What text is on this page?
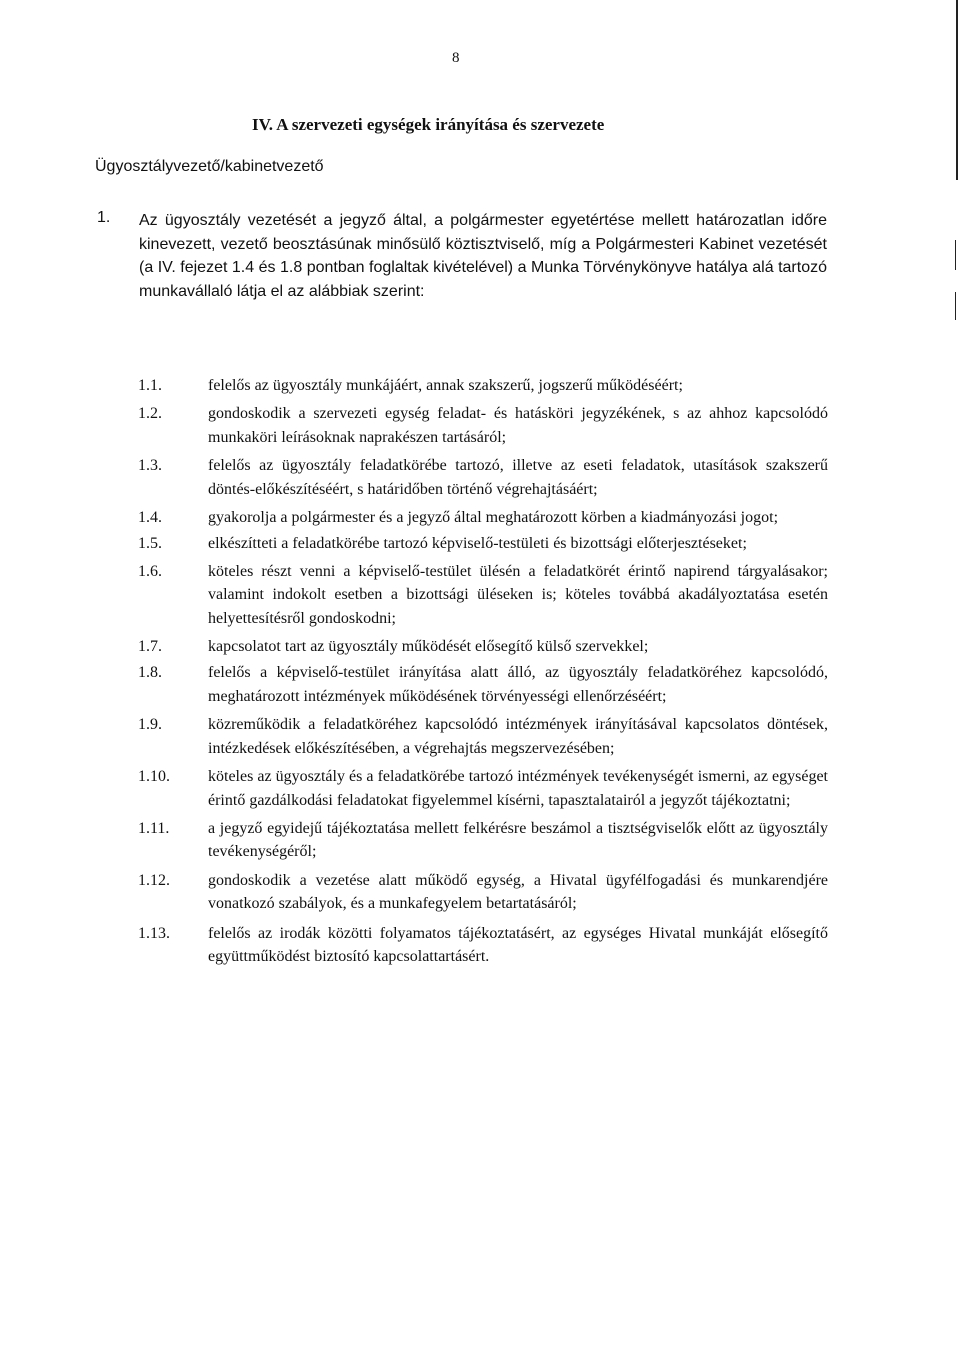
8
IV. A szervezeti egységek irányítása és szervezete
Ügyosztályvezető/kabinetvezető
1. Az ügyosztály vezetését a jegyző által, a polgármester egyetértése mellett határozatlan időre kinevezett, vezető beosztásúnak minősülő köztisztviselő, míg a Polgármesteri Kabinet vezetését (a IV. fejezet 1.4 és 1.8 pontban foglaltak kivételével) a Munka Törvénykönyve hatálya alá tartozó munkavállaló látja el az alábbiak szerint:
1.1.	felelős az ügyosztály munkájáért, annak szakszerű, jogszerű működéséért;
1.2.	gondoskodik a szervezeti egység feladat- és hatásköri jegyzékének, s az ahhoz kapcsolódó munkaköri leírásoknak naprakészen tartásáról;
1.3.	felelős az ügyosztály feladatkörébe tartozó, illetve az eseti feladatok, utasítások szakszerű döntés-előkészítéséért, s határidőben történő végrehajtásáért;
1.4.	gyakorolja a polgármester és a jegyző által meghatározott körben a kiadmányozási jogot;
1.5.	elkészítteti a feladatkörébe tartozó képviselő-testületi és bizottsági előterjesztéseket;
1.6.	köteles részt venni a képviselő-testület ülésén a feladatkörét érintő napirend tárgyalásakor; valamint indokolt esetben a bizottsági üléseken is; köteles továbbá akadályoztatása esetén helyettesítésről gondoskodni;
1.7.	kapcsolatot tart az ügyosztály működését elősegítő külső szervekkel;
1.8.	felelős a képviselő-testület irányítása alatt álló, az ügyosztály feladatköréhez kapcsolódó, meghatározott intézmények működésének törvényességi ellenőrzéséért;
1.9.	közreműködik a feladatköréhez kapcsolódó intézmények irányításával kapcsolatos döntések, intézkedések előkészítésében, a végrehajtás megszervezésében;
1.10.	köteles az ügyosztály és a feladatkörébe tartozó intézmények tevékenységét ismerni, az egységet érintő gazdálkodási feladatokat figyelemmel kísérni, tapasztalatairól a jegyzőt tájékoztatni;
1.11.	a jegyző egyidejű tájékoztatása mellett felkérésre beszámol a tisztségviselők előtt az ügyosztály tevékenységéről;
1.12.	gondoskodik a vezetése alatt működő egység, a Hivatal ügyfélfogadási és munkarendjére vonatkozó szabályok, és a munkafegyelem betartatásáról;
1.13.	felelős az irodák közötti folyamatos tájékoztatásért, az egységes Hivatal munkáját elősegítő együttműködést biztosító kapcsolattartásért.
